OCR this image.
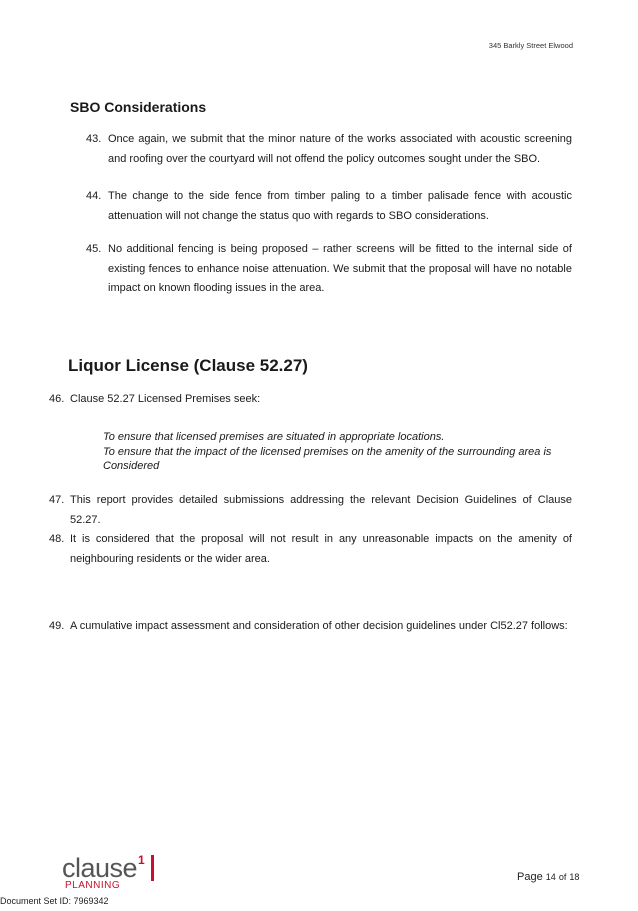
345 Barkly Street Elwood
SBO Considerations
43. Once again, we submit that the minor nature of the works associated with acoustic screening and roofing over the courtyard will not offend the policy outcomes sought under the SBO.
44. The change to the side fence from timber paling to a timber palisade fence with acoustic attenuation will not change the status quo with regards to SBO considerations.
45. No additional fencing is being proposed – rather screens will be fitted to the internal side of existing fences to enhance noise attenuation. We submit that the proposal will have no notable impact on known flooding issues in the area.
Liquor License (Clause 52.27)
46. Clause 52.27 Licensed Premises seek:
To ensure that licensed premises are situated in appropriate locations.
To ensure that the impact of the licensed premises on the amenity of the surrounding area is Considered
47. This report provides detailed submissions addressing the relevant Decision Guidelines of Clause 52.27.
48. It is considered that the proposal will not result in any unreasonable impacts on the amenity of neighbouring residents or the wider area.
49. A cumulative impact assessment and consideration of other decision guidelines under Cl52.27 follows:
clause 1
PLANNING
Page 14 of 18
Document Set ID: 7969342
